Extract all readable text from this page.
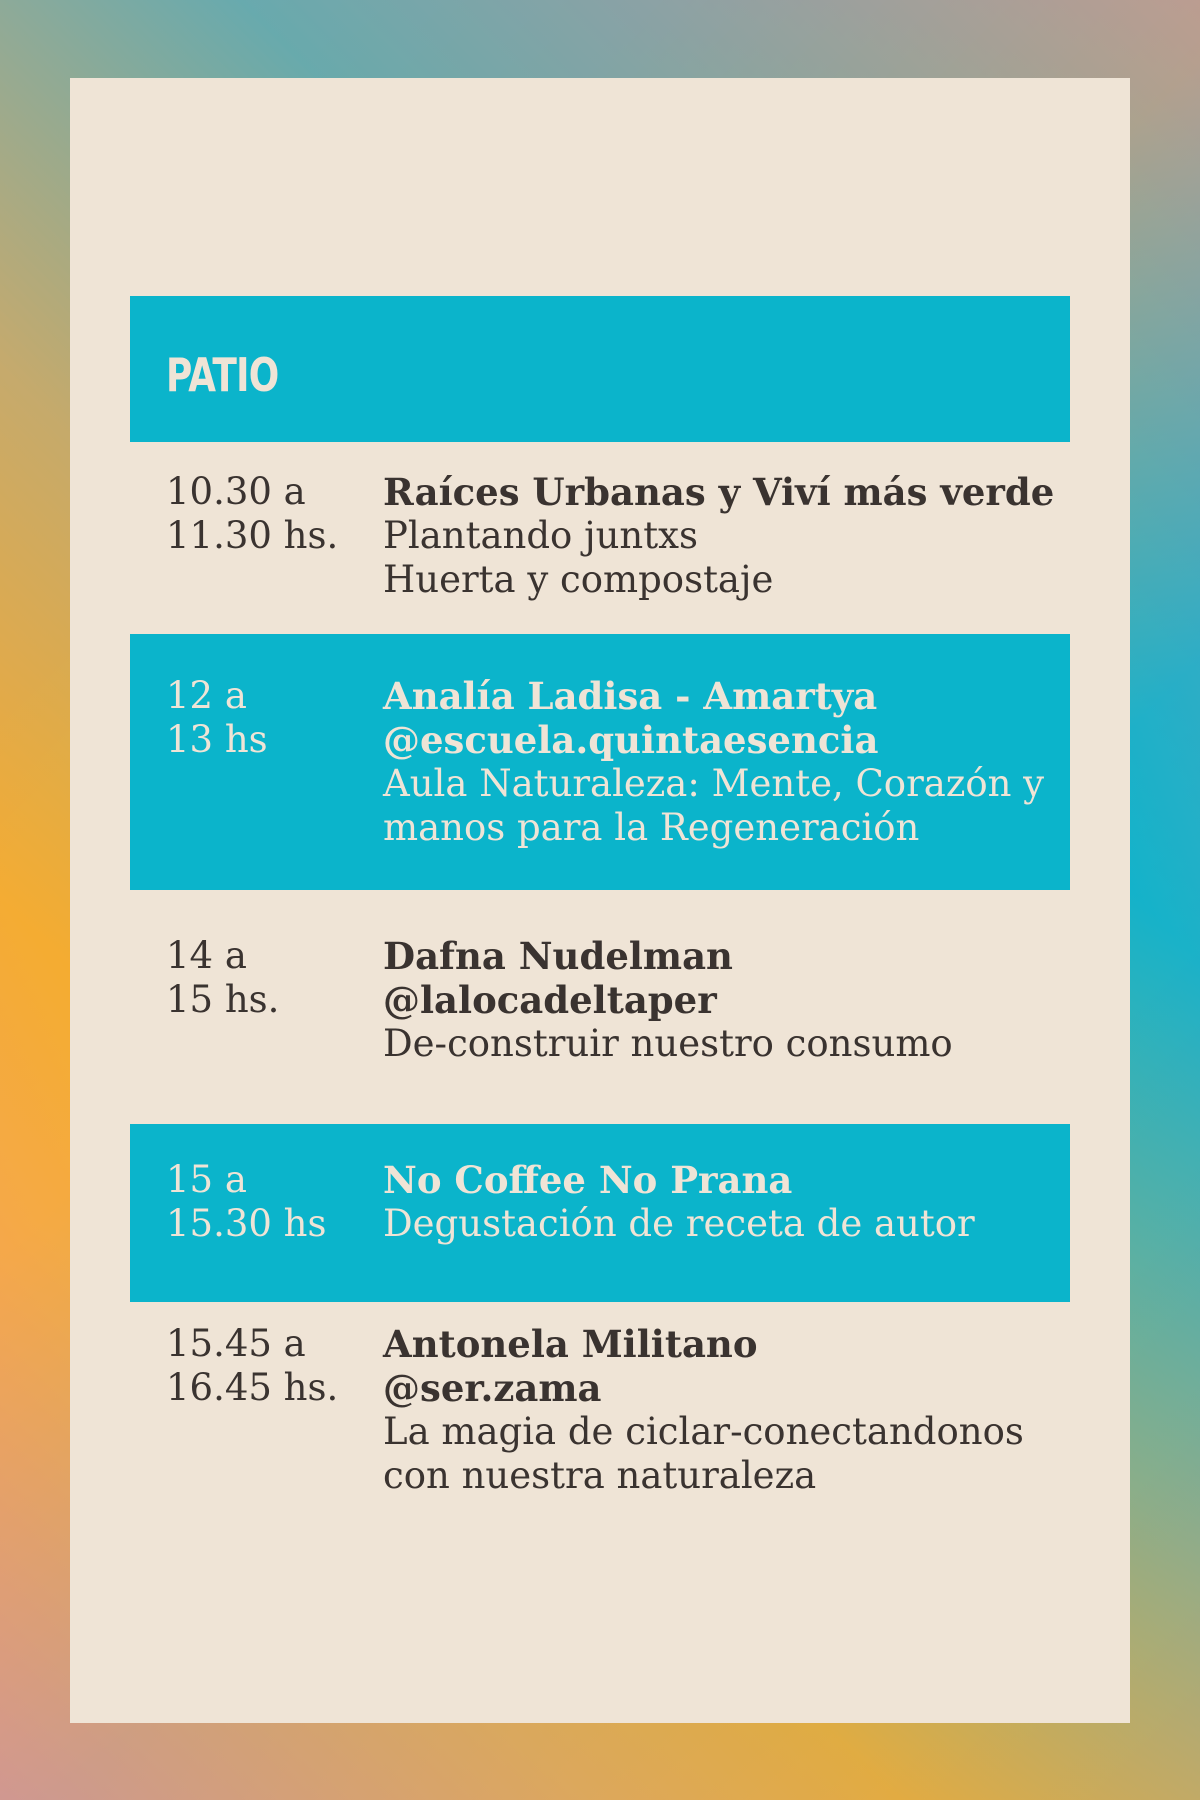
PATIO
10.30 a
11.30 hs.
Raíces Urbanas y Viví más verde
Plantando juntxs
Huerta y compostaje
12 a
13 hs
Analía Ladisa - Amartya
@escuela.quintaesencia
Aula Naturaleza: Mente, Corazón y
manos para la Regeneración
14 a
15 hs.
Dafna Nudelman
@lalocadeltaper
De-construir nuestro consumo
15 a
15.30 hs
No Coffee No Prana
Degustación de receta de autor
15.45 a
16.45 hs.
Antonela Militano
@ser.zama
La magia de ciclar-conectandonos
con nuestra naturaleza
